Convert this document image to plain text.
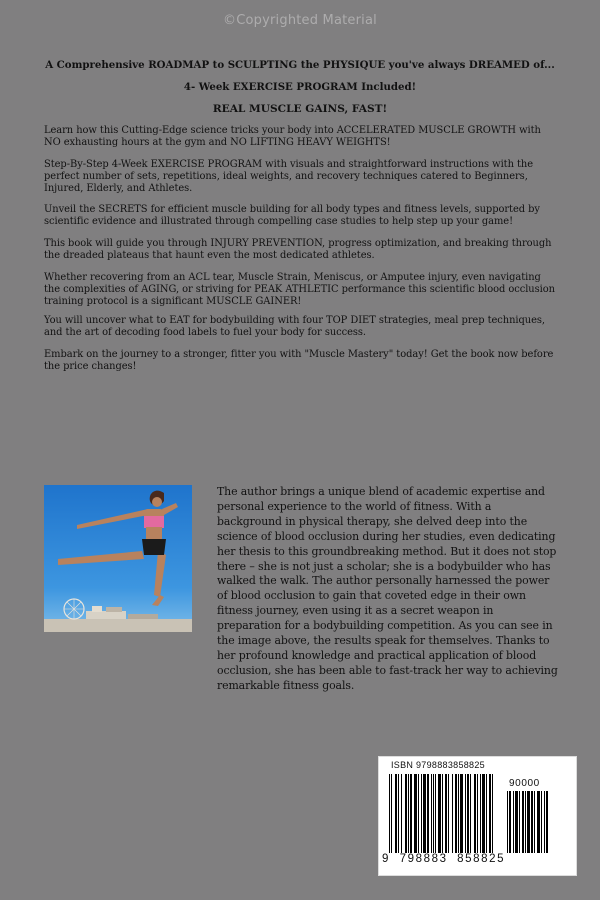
©Copyrighted Material
A Comprehensive ROADMAP to SCULPTING the PHYSIQUE you've always DREAMED of...
4- Week EXERCISE PROGRAM Included!
REAL MUSCLE GAINS, FAST!

Learn how this Cutting-Edge science tricks your body into ACCELERATED MUSCLE GROWTH with NO exhausting hours at the gym and NO LIFTING HEAVY WEIGHTS!

Step-By-Step 4-Week EXERCISE PROGRAM with visuals and straightforward instructions with the perfect number of sets, repetitions, ideal weights, and recovery techniques catered to Beginners, Injured, Elderly, and Athletes.

Unveil the SECRETS for efficient muscle building for all body types and fitness levels, supported by scientific evidence and illustrated through compelling case studies to help step up your game!

This book will guide you through INJURY PREVENTION, progress optimization, and breaking through the dreaded plateaus that haunt even the most dedicated athletes.

Whether recovering from an ACL tear, Muscle Strain, Meniscus, or Amputee injury, even navigating the complexities of AGING, or striving for PEAK ATHLETIC performance this scientific blood occlusion training protocol is a significant MUSCLE GAINER!

You will uncover what to EAT for bodybuilding with four TOP DIET strategies, meal prep techniques, and the art of decoding food labels to fuel your body for success.

Embark on the journey to a stronger, fitter you with "Muscle Mastery" today! Get the book now before the price changes!

The author brings a unique blend of academic expertise and personal experience to the world of fitness. With a background in physical therapy, she delved deep into the science of blood occlusion during her studies, even dedicating her thesis to this groundbreaking method. But it does not stop there – she is not just a scholar; she is a bodybuilder who has walked the walk. The author personally harnessed the power of blood occlusion to gain that coveted edge in their own fitness journey, even using it as a secret weapon in preparation for a bodybuilding competition. As you can see in the image above, the results speak for themselves. Thanks to her profound knowledge and practical application of blood occlusion, she has been able to fast-track her way to achieving remarkable fitness goals.

ISBN 9798883858825
90000
9  798883  858825
